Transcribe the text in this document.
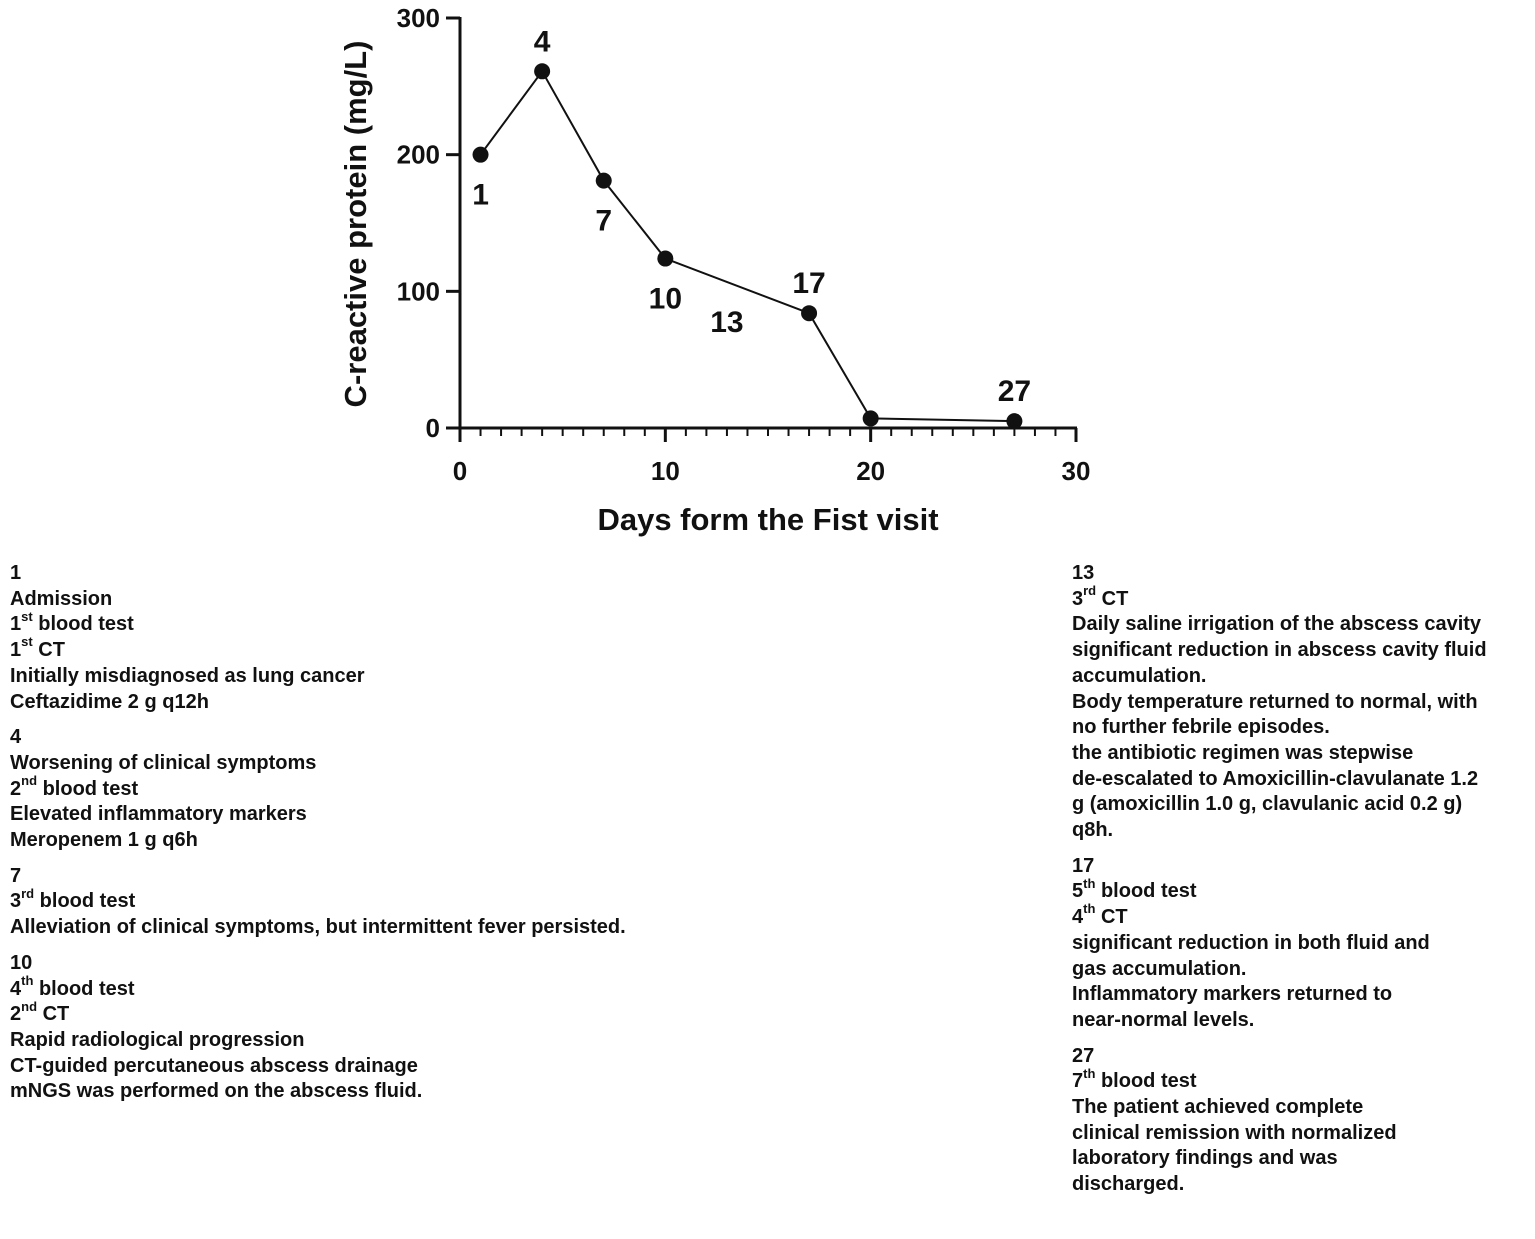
0
100
200
300
0	10	20	30
1
4
7
10
13
17
27
Days form the Fist visit
C-reactive protein (mg/L)

1

Admission

1st blood test

1st CT

Initially misdiagnosed as lung cancer

Ceftazidime 2 g q12h

4

Worsening of clinical symptoms

2nd blood test

Elevated inflammatory markers

Meropenem 1 g q6h

7

3rd blood test

Alleviation of clinical symptoms, but intermittent fever persisted.

10

4th blood test

2nd CT

Rapid radiological progression

CT-guided percutaneous abscess drainage

mNGS was performed on the abscess fluid.

13

3rd CT

Daily saline irrigation of the abscess cavity

significant reduction in abscess cavity fluid

accumulation.

Body temperature returned to normal, with

no further febrile episodes.

the antibiotic regimen was stepwise

de-escalated to Amoxicillin-clavulanate 1.2

g (amoxicillin 1.0 g, clavulanic acid 0.2 g)

q8h.

17

5th blood test

4th CT

significant reduction in both fluid and

gas accumulation.

Inflammatory markers returned to

near-normal levels.

27

7th blood test

The patient achieved complete

clinical remission with normalized

laboratory findings and was

discharged.
